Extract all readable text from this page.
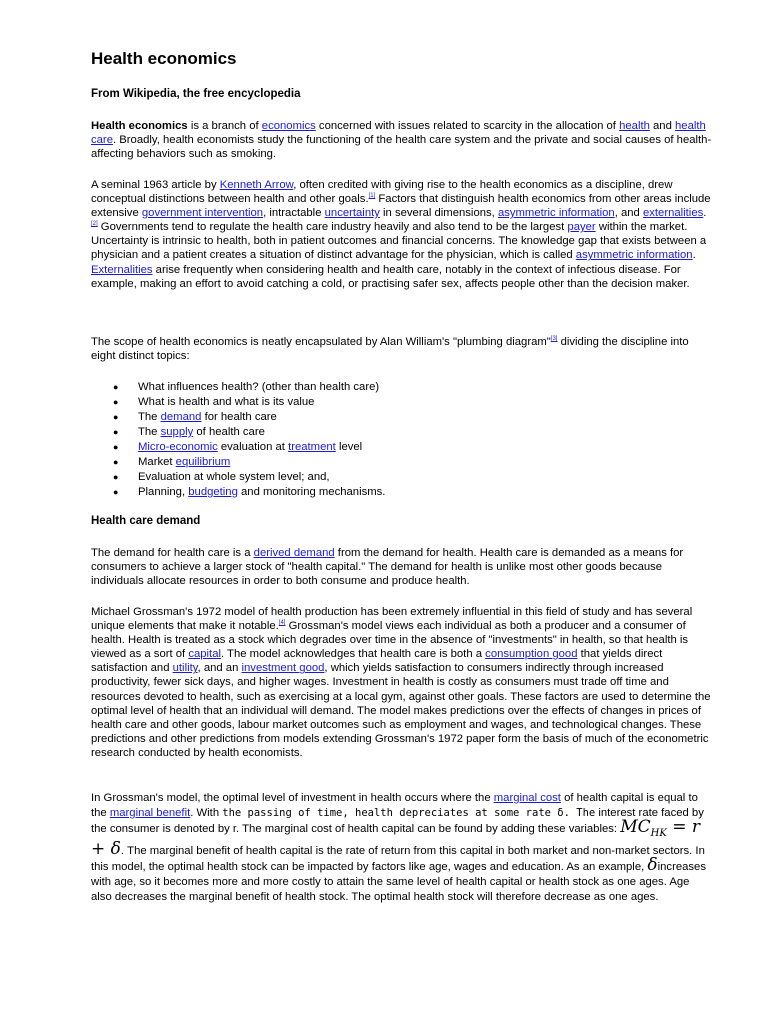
Health economics

From Wikipedia, the free encyclopedia

Health economics is a branch of economics concerned with issues related to scarcity in the allocation of health and health care. Broadly, health economists study the functioning of the health care system and the private and social causes of health-affecting behaviors such as smoking.

A seminal 1963 article by Kenneth Arrow, often credited with giving rise to the health economics as a discipline, drew conceptual distinctions between health and other goals.[1] Factors that distinguish health economics from other areas include extensive government intervention, intractable uncertainty in several dimensions, asymmetric information, and externalities.[2] Governments tend to regulate the health care industry heavily and also tend to be the largest payer within the market. Uncertainty is intrinsic to health, both in patient outcomes and financial concerns. The knowledge gap that exists between a physician and a patient creates a situation of distinct advantage for the physician, which is called asymmetric information. Externalities arise frequently when considering health and health care, notably in the context of infectious disease. For example, making an effort to avoid catching a cold, or practising safer sex, affects people other than the decision maker.

The scope of health economics is neatly encapsulated by Alan William's "plumbing diagram"[3] dividing the discipline into eight distinct topics:

● What influences health? (other than health care)
● What is health and what is its value
● The demand for health care
● The supply of health care
● Micro-economic evaluation at treatment level
● Market equilibrium
● Evaluation at whole system level; and,
● Planning, budgeting and monitoring mechanisms.
Health care demand

The demand for health care is a derived demand from the demand for health. Health care is demanded as a means for consumers to achieve a larger stock of "health capital." The demand for health is unlike most other goods because individuals allocate resources in order to both consume and produce health.

Michael Grossman's 1972 model of health production has been extremely influential in this field of study and has several unique elements that make it notable.[4] Grossman's model views each individual as both a producer and a consumer of health. Health is treated as a stock which degrades over time in the absence of "investments" in health, so that health is viewed as a sort of capital. The model acknowledges that health care is both a consumption good that yields direct satisfaction and utility, and an investment good, which yields satisfaction to consumers indirectly through increased productivity, fewer sick days, and higher wages. Investment in health is costly as consumers must trade off time and resources devoted to health, such as exercising at a local gym, against other goals. These factors are used to determine the optimal level of health that an individual will demand. The model makes predictions over the effects of changes in prices of health care and other goods, labour market outcomes such as employment and wages, and technological changes. These predictions and other predictions from models extending Grossman's 1972 paper form the basis of much of the econometric research conducted by health economists.

In Grossman's model, the optimal level of investment in health occurs where the marginal cost of health capital is equal to the marginal benefit. With the passing of time, health depreciates at some rate δ. The interest rate faced by the consumer is denoted by r. The marginal cost of health capital can be found by adding these variables: $MC_{HK} = r + \delta$. The marginal benefit of health capital is the rate of return from this capital in both market and non-market sectors. In this model, the optimal health stock can be impacted by factors like age, wages and education. As an example, δincreases with age, so it becomes more and more costly to attain the same level of health capital or health stock as one ages. Age also decreases the marginal benefit of health stock. The optimal health stock will therefore decrease as one ages.
